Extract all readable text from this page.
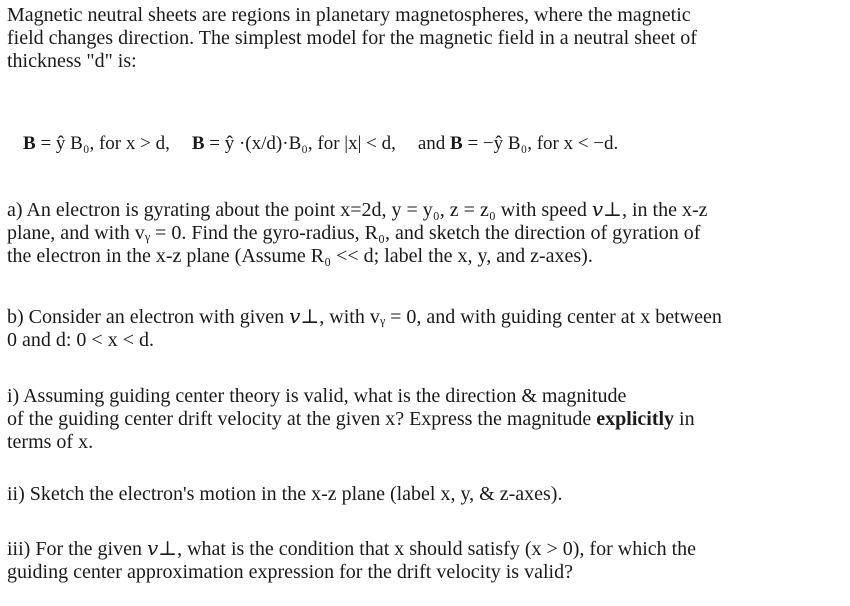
Magnetic neutral sheets are regions in planetary magnetospheres, where the magnetic
field changes direction. The simplest model for the magnetic field in a neutral sheet of
thickness "d" is:
B = ŷ B₀, for x > d, B = ŷ ·(x/d)·B₀, for |x| < d, and B = −ŷ B₀, for x < −d.
a) An electron is gyrating about the point x=2d, y = y₀, z = z₀ with speed 𝑣⊥, in the x-z
plane, and with vᵧ = 0. Find the gyro-radius, R₀, and sketch the direction of gyration of
the electron in the x-z plane (Assume R₀ << d; label the x, y, and z-axes).
b) Consider an electron with given 𝑣⊥, with vᵧ = 0, and with guiding center at x between
0 and d: 0 < x < d.
i) Assuming guiding center theory is valid, what is the direction & magnitude
of the guiding center drift velocity at the given x? Express the magnitude explicitly in
terms of x.
ii) Sketch the electron's motion in the x-z plane (label x, y, & z-axes).
iii) For the given 𝑣⊥, what is the condition that x should satisfy (x > 0), for which the
guiding center approximation expression for the drift velocity is valid?
